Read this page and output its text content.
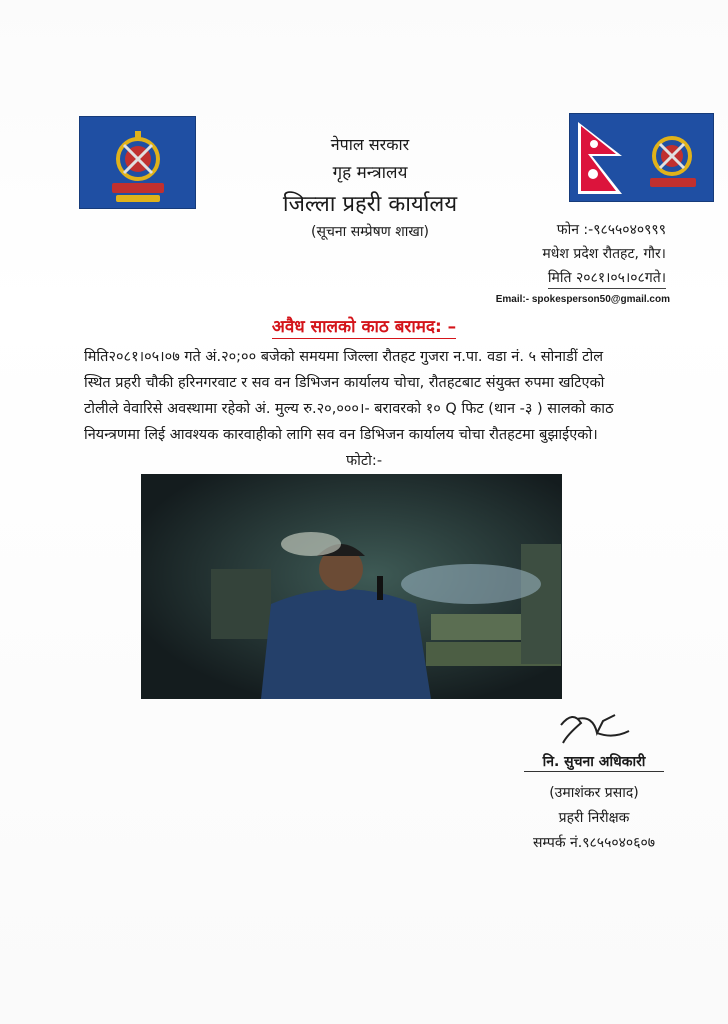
नेपाल सरकार
गृह मन्त्रालय
जिल्ला प्रहरी कार्यालय
(सूचना सम्प्रेषण शाखा)	फोन :-९८५५०४०९९९
मधेश प्रदेश रौतहट, गौर।
मिति २०८१।०५।०८गते।
Email:- spokesperson50@gmail.com
अवैध सालको काठ बरामद: –
मिति२०८१।०५।०७ गते अं.२०;०० बजेको समयमा जिल्ला रौतहट गुजरा न.पा. वडा नं. ५ सोनाडीं टोल
स्थित प्रहरी चौकी हरिनगरवाट र सव वन डिभिजन कार्यालय चोचा, रौतहटबाट संयुक्त रुपमा खटिएको
टोलीले वेवारिसे अवस्थामा रहेको अं. मुल्य रु.२०,०००।- बरावरको १० Q फिट (थान -३ ) सालको काठ
नियन्त्रणमा लिई आवश्यक कारवाहीको लागि सव वन डिभिजन कार्यालय चोचा रौतहटमा बुझाईएको।
फोटो:-
नि. सुचना अधिकारी
(उमाशंकर प्रसाद)
प्रहरी निरीक्षक
सम्पर्क नं.९८५५०४०६०७
